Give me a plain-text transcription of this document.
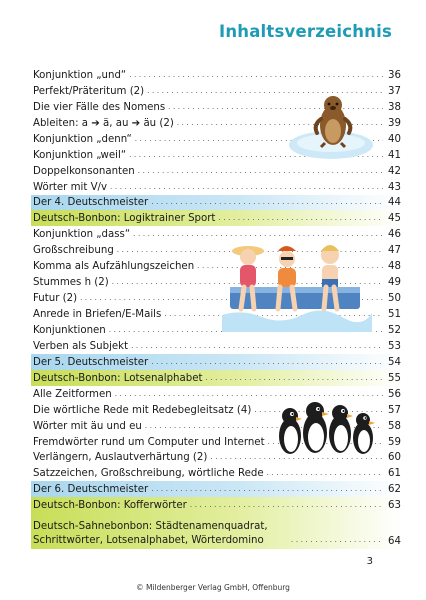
Inhaltsverzeichnis
Konjunktion „und“ . . .	36
Perfekt/Präteritum (2) . . .	37
Die vier Fälle des Nomens . . .	38
Ableiten: a ➔ ä, au ➔ äu (2) . . .	39
Konjunktion „denn“ . . .	40
Konjunktion „weil“ . . .	41
Doppelkonsonanten . . .	42
Wörter mit V/v . . .	43
Der 4. Deutschmeister . . .	44
Deutsch-Bonbon: Logiktrainer Sport . . .	45
Konjunktion „dass“ . . .	46
Großschreibung . . .	47
Komma als Aufzählungszeichen . . .	48
Stummes h (2) . . .	49
Futur (2) . . .	50
Anrede in Briefen/E-Mails . . .	51
Konjunktionen . . .	52
Verben als Subjekt . . .	53
Der 5. Deutschmeister . . .	54
Deutsch-Bonbon: Lotsenalphabet . . .	55
Alle Zeitformen . . .	56
Die wörtliche Rede mit Redebegleitsatz (4) . . .	57
Wörter mit äu und eu . . .	58
Fremdwörter rund um Computer und Internet . . .	59
Verlängern, Auslautverhärtung (2) . . .	60
Satzzeichen, Großschreibung, wörtliche Rede . . .	61
Der 6. Deutschmeister . . .	62
Deutsch-Bonbon: Kofferwörter . . .	63
Deutsch-Sahnebonbon: Städtenamenquadrat, Schrittwörter, Lotsenalphabet, Wörterdomino . . .	64
3
© Mildenberger Verlag GmbH, Offenburg
